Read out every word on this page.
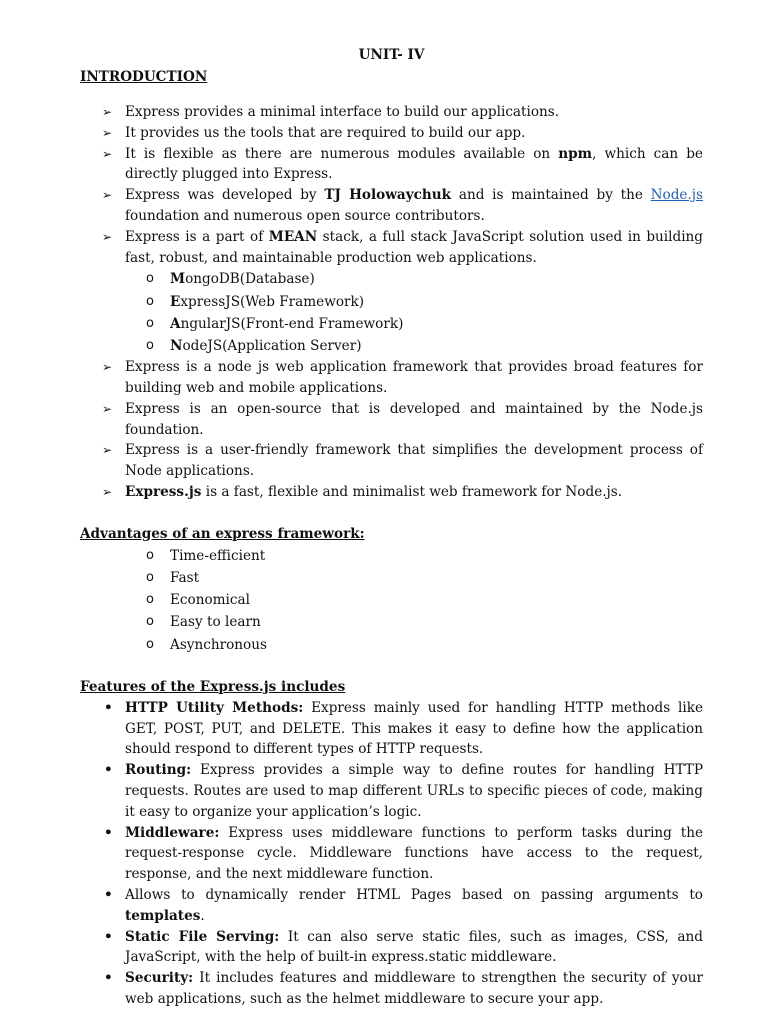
UNIT- IV

INTRODUCTION

➢ Express provides a minimal interface to build our applications.
➢ It provides us the tools that are required to build our app.
➢ It is flexible as there are numerous modules available on npm, which can be directly plugged into Express.
➢ Express was developed by TJ Holowaychuk and is maintained by the Node.js foundation and numerous open source contributors.
➢ Express is a part of MEAN stack, a full stack JavaScript solution used in building fast, robust, and maintainable production web applications.
o	MongoDB(Database)
o	ExpressJS(Web Framework)
o	AngularJS(Front-end Framework)
o	NodeJS(Application Server)
➢ Express is a node js web application framework that provides broad features for building web and mobile applications.
➢ Express is an open-source that is developed and maintained by the Node.js foundation.
➢ Express is a user-friendly framework that simplifies the development process of Node applications.
➢ Express.js is a fast, flexible and minimalist web framework for Node.js.

Advantages of an express framework:

o	Time-efficient
o	Fast
o	Economical
o	Easy to learn
o	Asynchronous

Features of the Express.js includes

• HTTP Utility Methods: Express mainly used for handling HTTP methods like GET, POST, PUT, and DELETE. This makes it easy to define how the application should respond to different types of HTTP requests.
• Routing: Express provides a simple way to define routes for handling HTTP requests. Routes are used to map different URLs to specific pieces of code, making it easy to organize your application’s logic.
• Middleware: Express uses middleware functions to perform tasks during the request-response cycle. Middleware functions have access to the request, response, and the next middleware function.
• Allows to dynamically render HTML Pages based on passing arguments to templates.
• Static File Serving: It can also serve static files, such as images, CSS, and JavaScript, with the help of built-in express.static middleware.
• Security: It includes features and middleware to strengthen the security of your web applications, such as the helmet middleware to secure your app.
